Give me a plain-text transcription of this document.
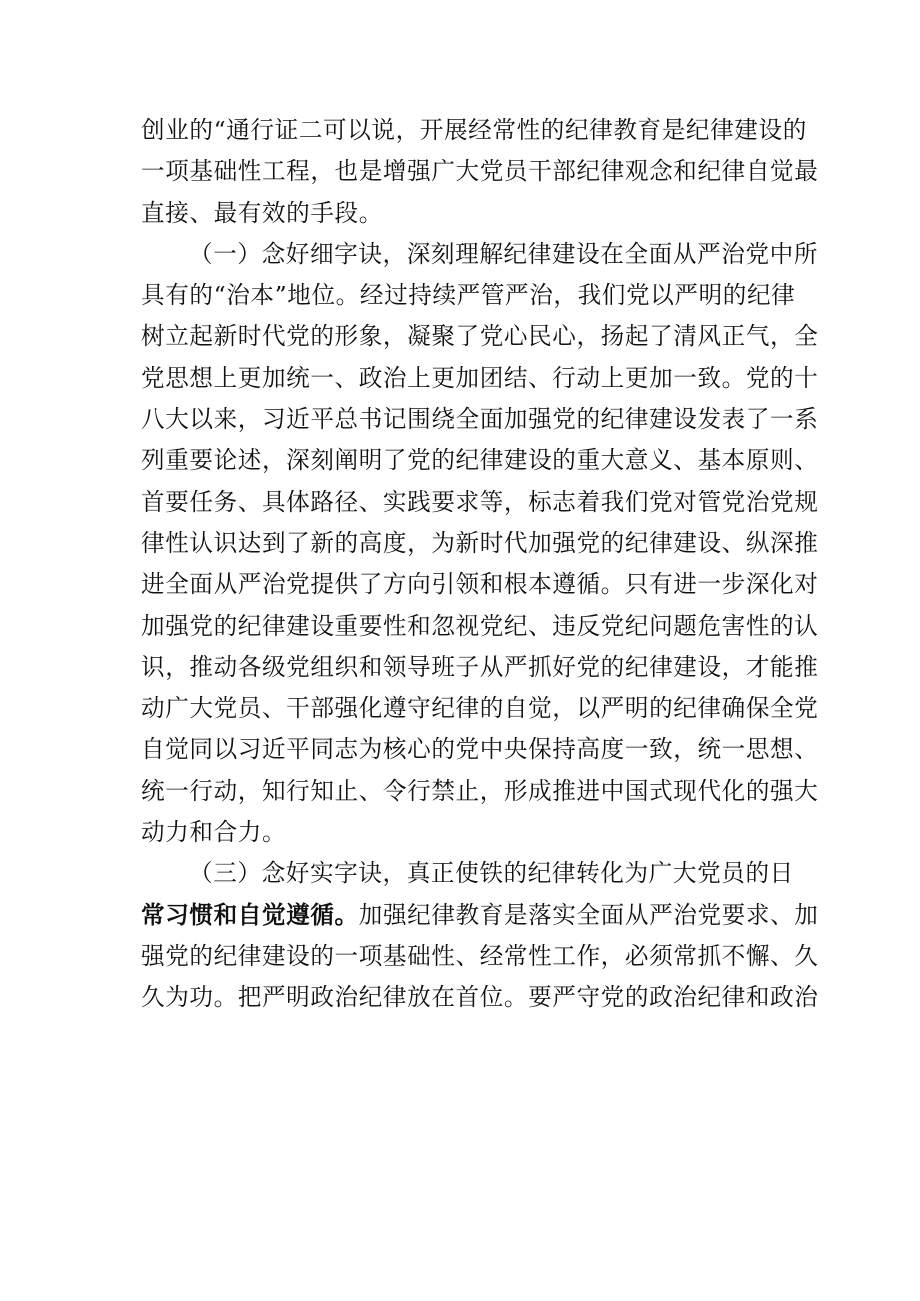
创业的“通行证二可以说，开展经常性的纪律教育是纪律建设的
一项基础性工程，也是增强广大党员干部纪律观念和纪律自觉最
直接、最有效的手段。
（一）念好细字诀，深刻理解纪律建设在全面从严治党中所
具有的“治本”地位。经过持续严管严治，我们党以严明的纪律
树立起新时代党的形象，凝聚了党心民心，扬起了清风正气，全
党思想上更加统一、政治上更加团结、行动上更加一致。党的十
八大以来，习近平总书记围绕全面加强党的纪律建设发表了一系
列重要论述，深刻阐明了党的纪律建设的重大意义、基本原则、
首要任务、具体路径、实践要求等，标志着我们党对管党治党规
律性认识达到了新的高度，为新时代加强党的纪律建设、纵深推
进全面从严治党提供了方向引领和根本遵循。只有进一步深化对
加强党的纪律建设重要性和忽视党纪、违反党纪问题危害性的认
识，推动各级党组织和领导班子从严抓好党的纪律建设，才能推
动广大党员、干部强化遵守纪律的自觉，以严明的纪律确保全党
自觉同以习近平同志为核心的党中央保持高度一致，统一思想、
统一行动，知行知止、令行禁止，形成推进中国式现代化的强大
动力和合力。
（三）念好实字诀，真正使铁的纪律转化为广大党员的日
常习惯和自觉遵循。加强纪律教育是落实全面从严治党要求、加
强党的纪律建设的一项基础性、经常性工作，必须常抓不懈、久
久为功。把严明政治纪律放在首位。要严守党的政治纪律和政治
